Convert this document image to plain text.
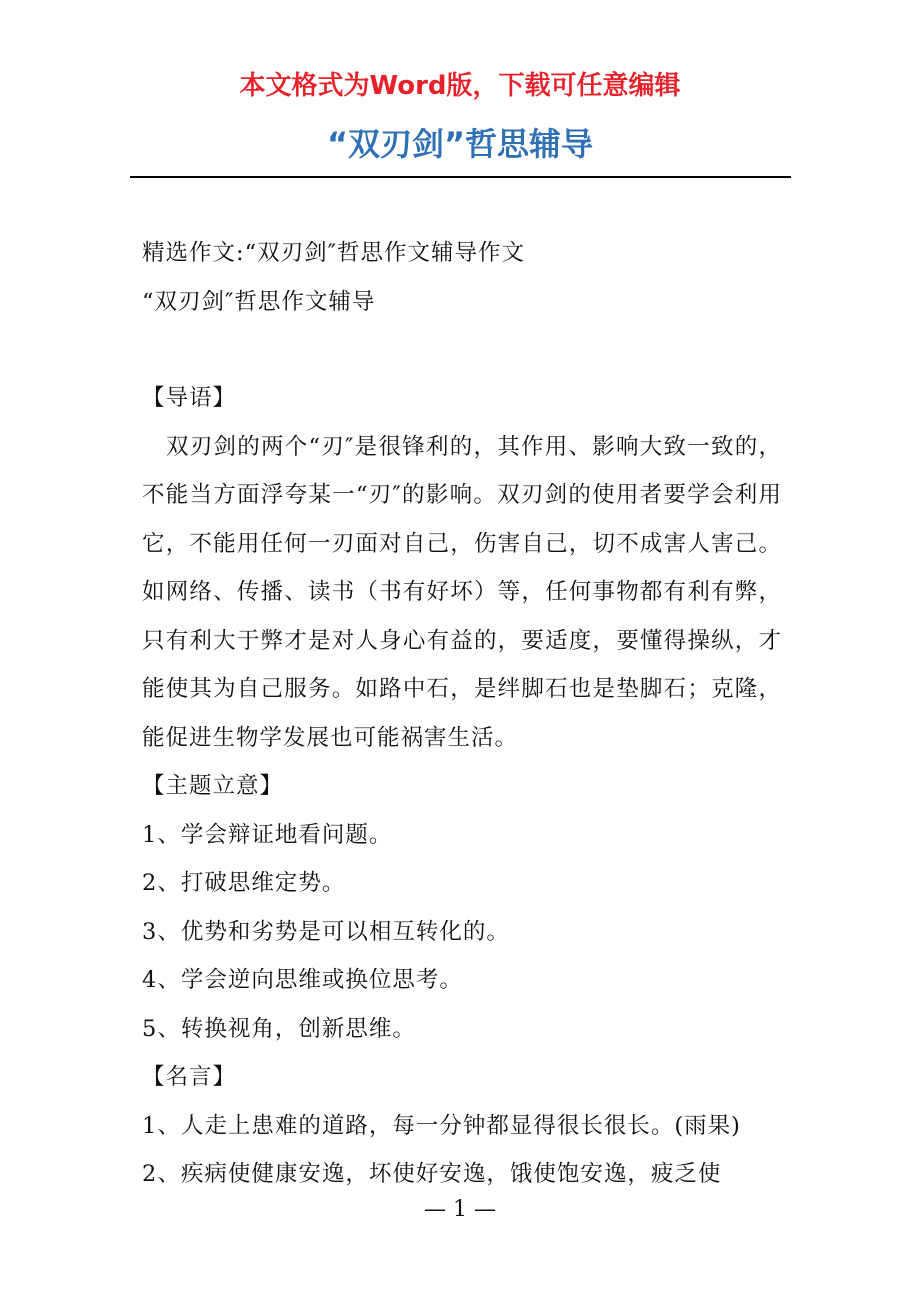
本文格式为Word版，下载可任意编辑
“双刃剑”哲思辅导

精选作文:“双刃剑″哲思作文辅导作文

“双刃剑″哲思作文辅导

【导语】

双刃剑的两个“刃″是很锋利的，其作用、影响大致一致的，不能当方面浮夸某一“刃″的影响。双刃剑的使用者要学会利用它，不能用任何一刃面对自己，伤害自己，切不成害人害己。如网络、传播、读书（书有好坏）等，任何事物都有利有弊，只有利大于弊才是对人身心有益的，要适度，要懂得操纵，才能使其为自己服务。如路中石，是绊脚石也是垫脚石；克隆，能促进生物学发展也可能祸害生活。

【主题立意】

1、学会辩证地看问题。

2、打破思维定势。

3、优势和劣势是可以相互转化的。

4、学会逆向思维或换位思考。

5、转换视角，创新思维。

【名言】

1、人走上患难的道路，每一分钟都显得很长很长。(雨果)

2、疾病使健康安逸，坏使好安逸，饿使饱安逸，疲乏使

— 1 —
